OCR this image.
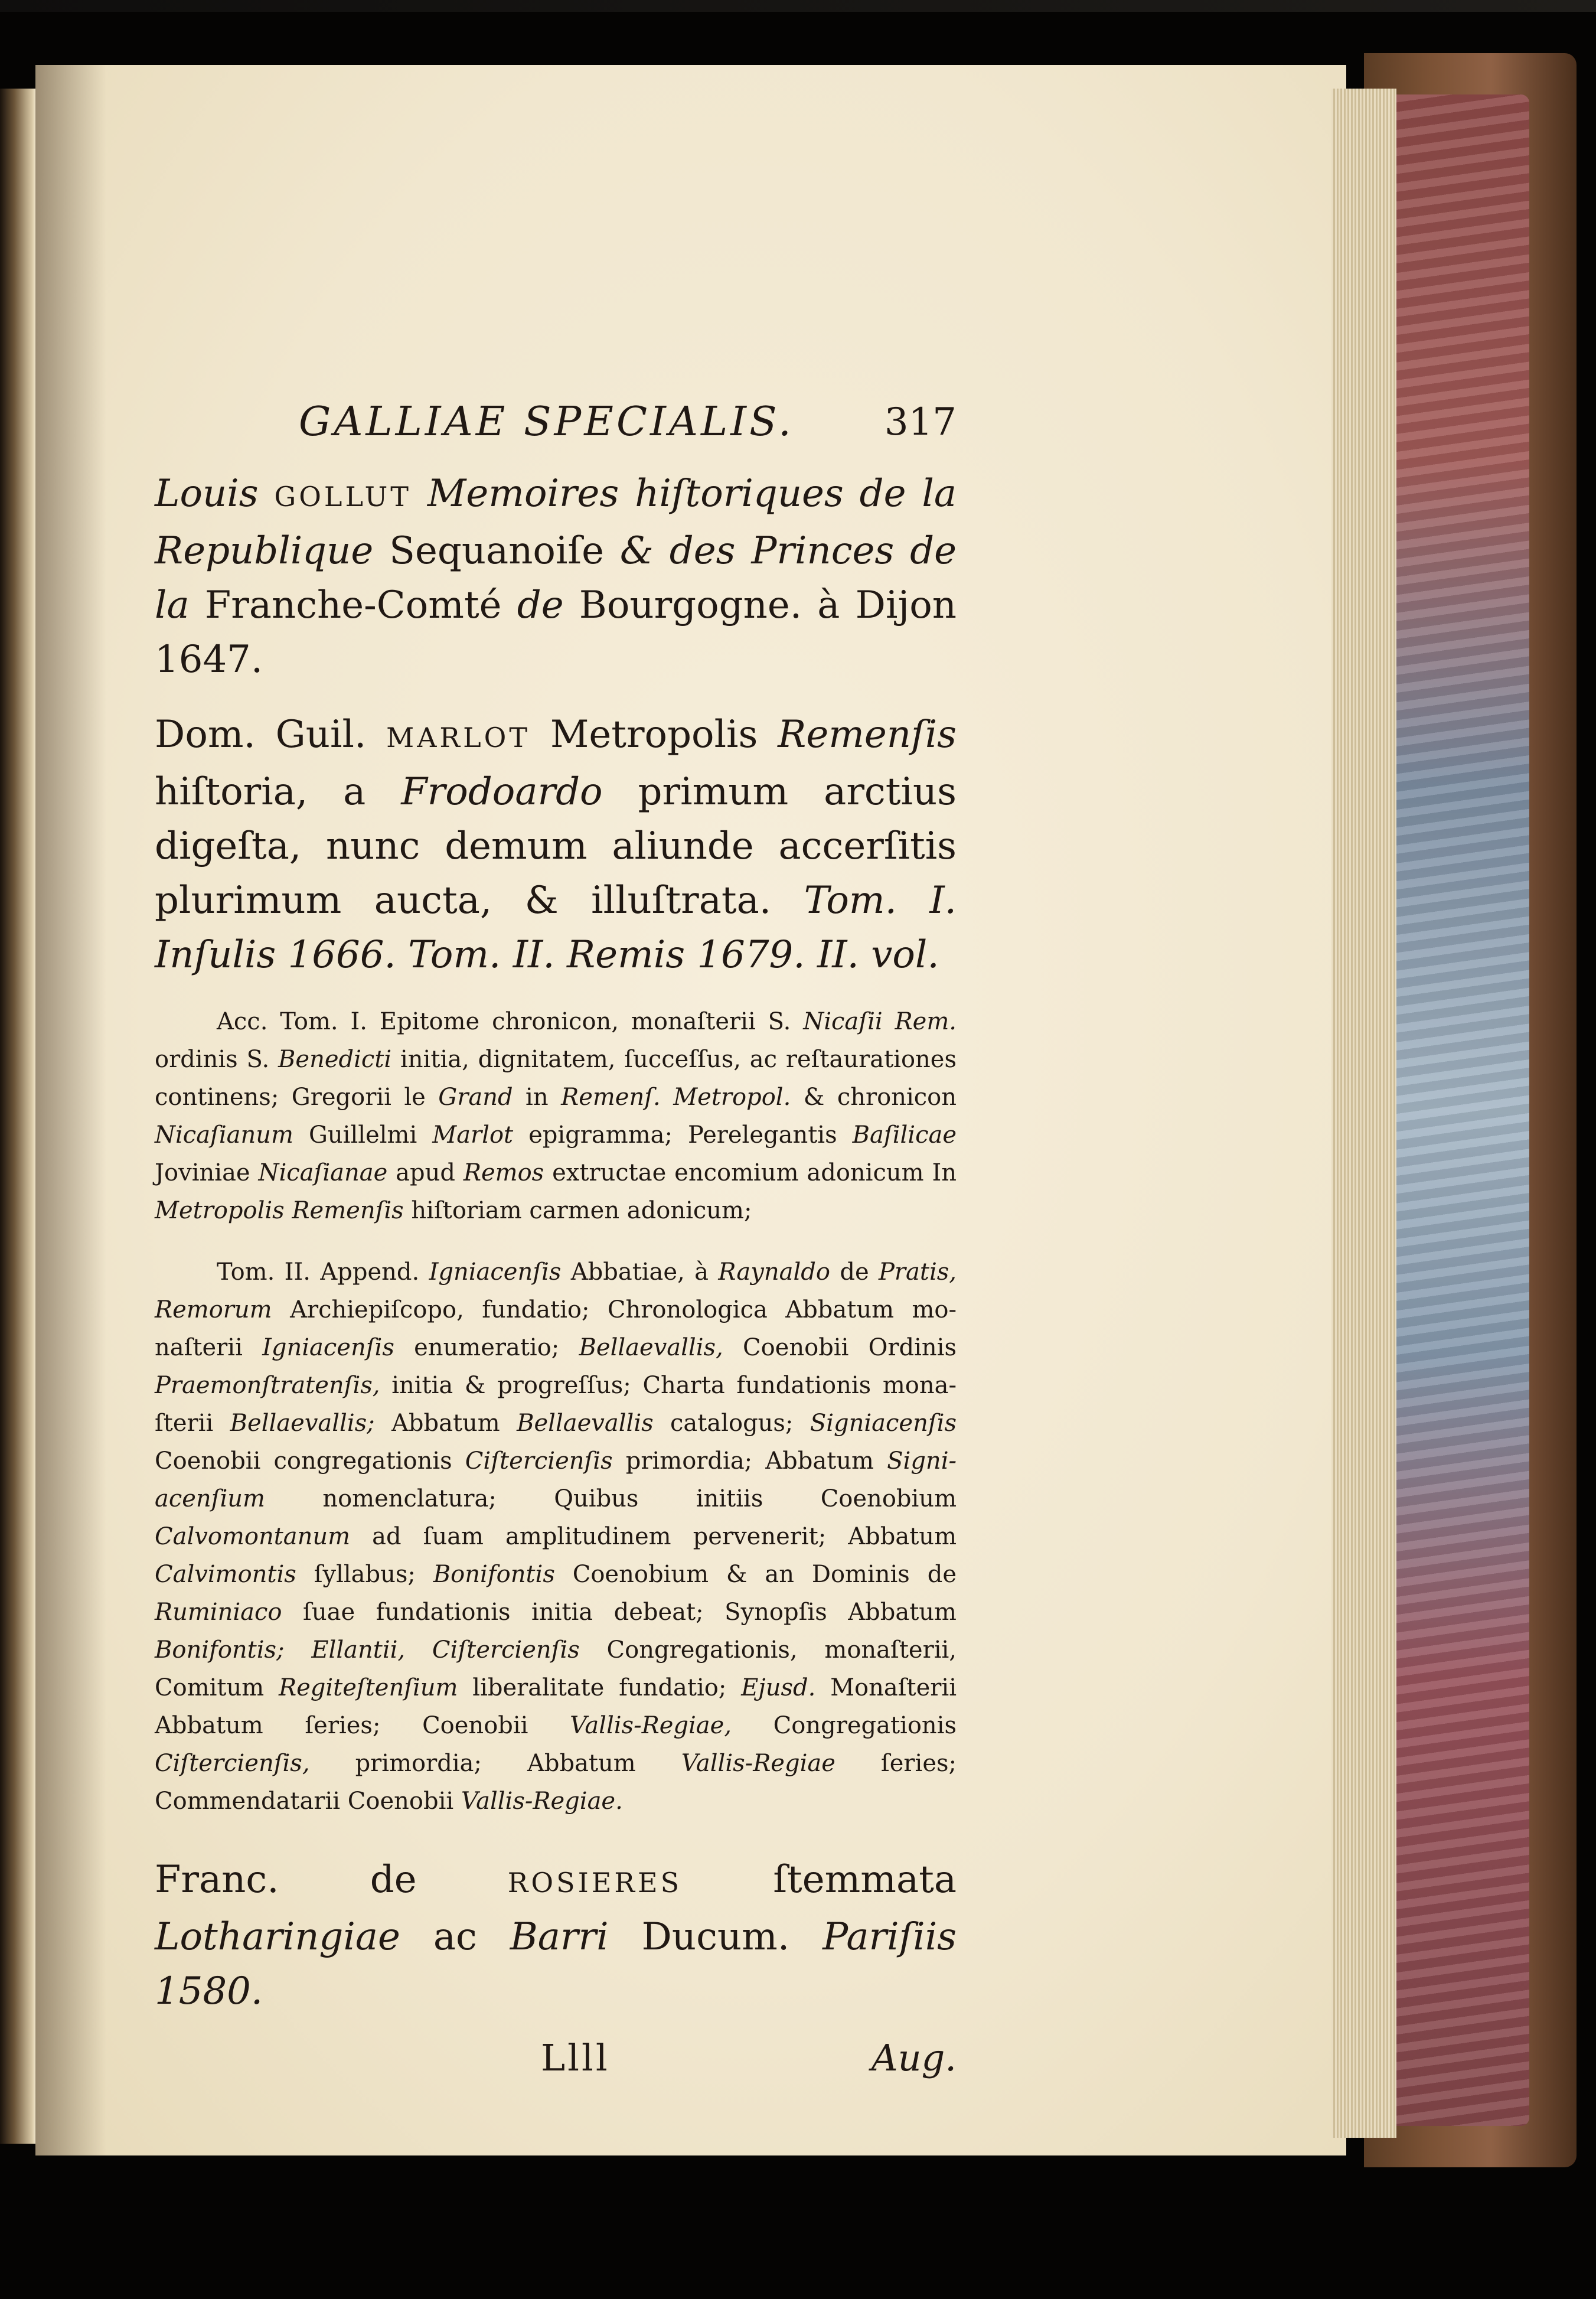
GALLIAE SPECIALIS. 317

Louis GOLLUT Memoires hiſtoriques de la Republique Sequanoiſe & des Princes de la Franche-Comté de Bourgogne. à Dijon 1647.

Dom. Guil. MARLOT Metropolis Remenſis hiſtoria, a Frodoardo primum arctius digeſta, nunc demum aliunde accerſitis plurimum aucta, & illuſtrata. Tom. I. Inſulis 1666. Tom. II. Remis 1679. II. vol.

Acc. Tom. I. Epitome chronicon, monaſterii S. Nicaſii Rem. ordinis S. Benedicti initia, dignitatem, ſucceſſus, ac reſtaurationes continens; Gregorii le Grand in Remenſ. Metropol. & chronicon Nicaſianum Guillelmi Marlot epigramma; Perelegantis Baſilicae Joviniae Nicaſianae apud Remos extructae encomium adonicum In Metropolis Remenſis hiſtoriam carmen adonicum;

Tom. II. Append. Igniacenſis Abbatiae, à Raynaldo de Pratis, Remorum Archiepiſcopo, fundatio; Chronologica Abbatum monaſterii Igniacenſis enumeratio; Bellaevallis, Coenobii Ordinis Praemonſtratenſis, initia & progreſſus; Charta fundationis monaſterii Bellaevallis; Abbatum Bellaevallis catalogus; Signiacenſis Coenobii congregationis Ciſtercienſis primordia; Abbatum Signiacenſium nomenclatura; Quibus initiis Coenobium Calvomontanum ad ſuam amplitudinem pervenerit; Abbatum Calvimontis ſyllabus; Bonifontis Coenobium & an Dominis de Ruminiaco ſuae fundationis initia debeat; Synopſis Abbatum Bonifontis; Ellantii, Ciſtercienſis Congregationis, monaſterii, Comitum Regiteſtenſium liberalitate fundatio; Ejusd. Monaſterii Abbatum ſeries; Coenobii Vallis-Regiae, Congregationis Ciſtercienſis, primordia; Abbatum Vallis-Regiae ſeries; Commendatarii Coenobii Vallis-Regiae.

Franc. de ROSIERES ſtemmata Lotharingiae ac Barri Ducum. Pariſiis 1580.

Llll	Aug.
